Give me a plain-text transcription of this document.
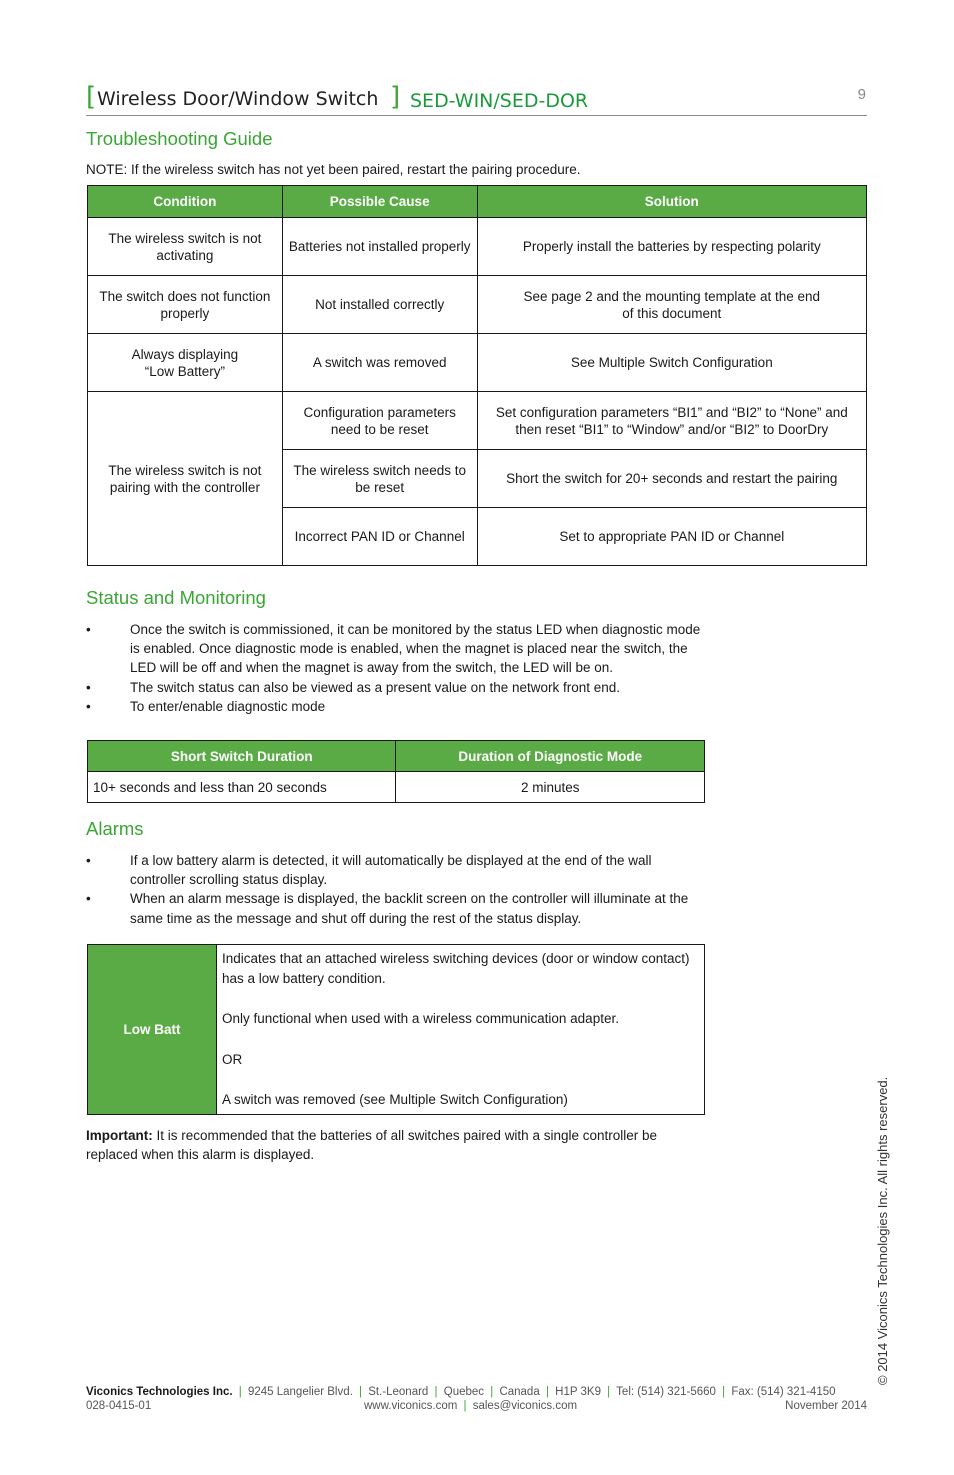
[ Wireless Door/Window Switch ] SED-WIN/SED-DOR	9
Troubleshooting Guide
NOTE: If the wireless switch has not yet been paired, restart the pairing procedure.
Condition	Possible Cause	Solution
The wireless switch is not activating	Batteries not installed properly	Properly install the batteries by respecting polarity
The switch does not function properly	Not installed correctly	See page 2 and the mounting template at the end of this document
Always displaying “Low Battery”	A switch was removed	See Multiple Switch Configuration
The wireless switch is not pairing with the controller	Configuration parameters need to be reset	Set configuration parameters “BI1” and “BI2” to “None” and then reset “BI1” to “Window” and/or “BI2” to DoorDry
	The wireless switch needs to be reset	Short the switch for 20+ seconds and restart the pairing
	Incorrect PAN ID or Channel	Set to appropriate PAN ID or Channel
Status and Monitoring
•	Once the switch is commissioned, it can be monitored by the status LED when diagnostic mode is enabled. Once diagnostic mode is enabled, when the magnet is placed near the switch, the LED will be off and when the magnet is away from the switch, the LED will be on.
•	The switch status can also be viewed as a present value on the network front end.
•	To enter/enable diagnostic mode
Short Switch Duration	Duration of Diagnostic Mode
10+ seconds and less than 20 seconds	2 minutes
Alarms
•	If a low battery alarm is detected, it will automatically be displayed at the end of the wall controller scrolling status display.
•	When an alarm message is displayed, the backlit screen on the controller will illuminate at the same time as the message and shut off during the rest of the status display.
Low Batt	

Indicates that an attached wireless switching devices (door or window contact) has a low battery condition.

Only functional when used with a wireless communication adapter.

OR

A switch was removed (see Multiple Switch Configuration)

Important: It is recommended that the batteries of all switches paired with a single controller be replaced when this alarm is displayed.	© 2014 Viconics Technologies Inc. All rights reserved.
Viconics Technologies Inc. | 9245 Langelier Blvd. | St.-Leonard | Quebec | Canada | H1P 3K9 | Tel: (514) 321-5660 | Fax: (514) 321-4150
028-0415-01	www.viconics.com | sales@viconics.com	November 2014
